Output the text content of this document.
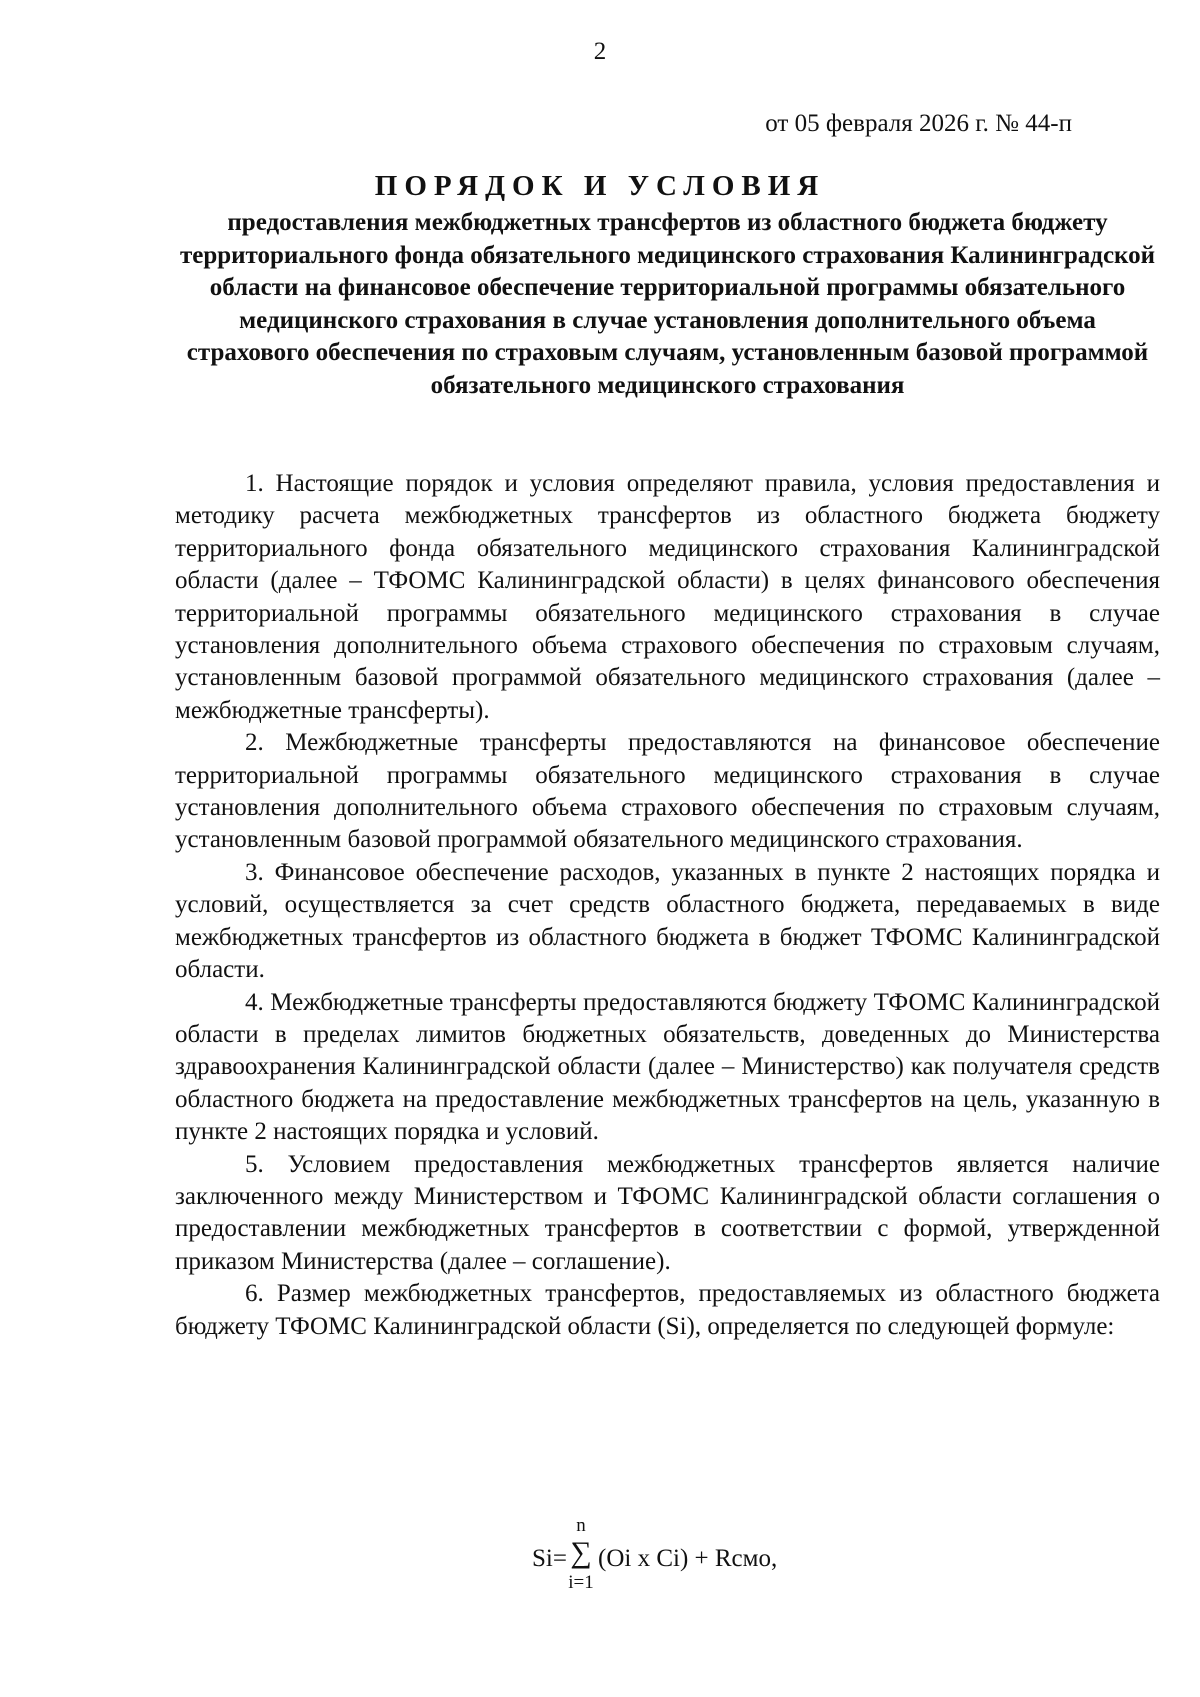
2
от 05 февраля 2026 г. № 44-п
ПОРЯДОК И УСЛОВИЯ
предоставления межбюджетных трансфертов из областного бюджета бюджету территориального фонда обязательного медицинского страхования Калининградской области на финансовое обеспечение территориальной программы обязательного медицинского страхования в случае установления дополнительного объема страхового обеспечения по страховым случаям, установленным базовой программой обязательного медицинского страхования

1. Настоящие порядок и условия определяют правила, условия предоставления и методику расчета межбюджетных трансфертов из областного бюджета бюджету территориального фонда обязательного медицинского страхования Калининградской области (далее – ТФОМС Калининградской области) в целях финансового обеспечения территориальной программы обязательного медицинского страхования в случае установления дополнительного объема страхового обеспечения по страховым случаям, установленным базовой программой обязательного медицинского страхования (далее – межбюджетные трансферты).

2. Межбюджетные трансферты предоставляются на финансовое обеспечение территориальной программы обязательного медицинского страхования в случае установления дополнительного объема страхового обеспечения по страховым случаям, установленным базовой программой обязательного медицинского страхования.

3. Финансовое обеспечение расходов, указанных в пункте 2 настоящих порядка и условий, осуществляется за счет средств областного бюджета, передаваемых в виде межбюджетных трансфертов из областного бюджета в бюджет ТФОМС Калининградской области.

4. Межбюджетные трансферты предоставляются бюджету ТФОМС Калининградской области в пределах лимитов бюджетных обязательств, доведенных до Министерства здравоохранения Калининградской области (далее – Министерство) как получателя средств областного бюджета на предоставление межбюджетных трансфертов на цель, указанную в пункте 2 настоящих порядка и условий.

5. Условием предоставления межбюджетных трансфертов является наличие заключенного между Министерством и ТФОМС Калининградской области соглашения о предоставлении межбюджетных трансфертов в соответствии с формой, утвержденной приказом Министерства (далее – соглашение).

6. Размер межбюджетных трансфертов, предоставляемых из областного бюджета бюджету ТФОМС Калининградской области (Si), определяется по следующей формуле:

Si=
n
∑
i=1
(Oi x Ci) + Rсмо,
